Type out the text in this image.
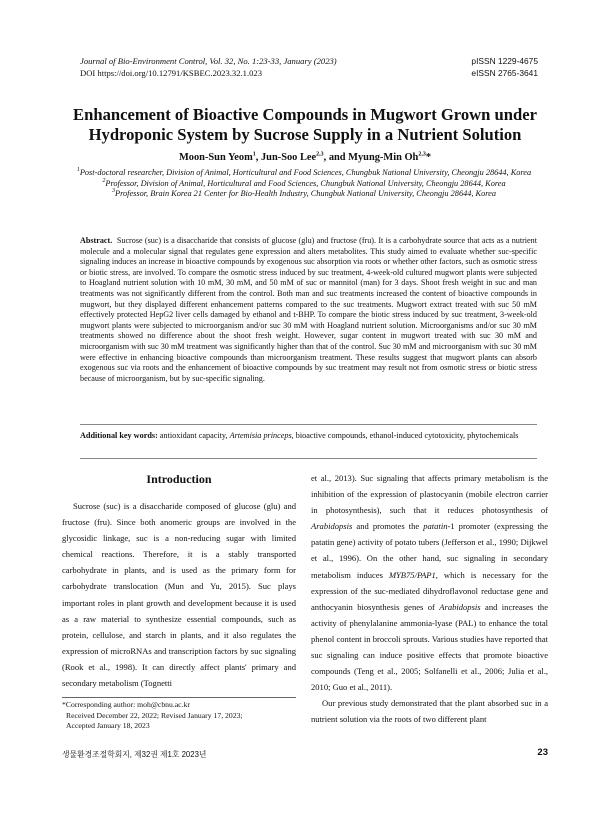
Journal of Bio-Environment Control, Vol. 32, No. 1:23-33, January (2023)
DOI https://doi.org/10.12791/KSBEC.2023.32.1.023
pISSN 1229-4675
eISSN 2765-3641
Enhancement of Bioactive Compounds in Mugwort Grown under Hydroponic System by Sucrose Supply in a Nutrient Solution
Moon-Sun Yeom$^1$, Jun-Soo Lee$^{2,3}$, and Myung-Min Oh$^{2,3}$*

$^1$Post-doctoral researcher, Division of Animal, Horticultural and Food Sciences, Chungbuk National University, Cheongju 28644, Korea

$^2$Professor, Division of Animal, Horticultural and Food Sciences, Chungbuk National University, Cheongju 28644, Korea

$^3$Professor, Brain Korea 21 Center for Bio-Health Industry, Chungbuk National University, Cheongju 28644, Korea

Abstract. Sucrose (suc) is a disaccharide that consists of glucose (glu) and fructose (fru). It is a carbohydrate source that acts as a nutrient molecule and a molecular signal that regulates gene expression and alters metabolites. This study aimed to evaluate whether suc-specific signaling induces an increase in bioactive compounds by exogenous suc absorption via roots or whether other factors, such as osmotic stress or biotic stress, are involved. To compare the osmotic stress induced by suc treatment, 4-week-old cultured mugwort plants were subjected to Hoagland nutrient solution with 10 mM, 30 mM, and 50 mM of suc or mannitol (man) for 3 days. Shoot fresh weight in suc and man treatments was not significantly different from the control. Both man and suc treatments increased the content of bioactive compounds in mugwort, but they displayed different enhancement patterns compared to the suc treatments. Mugwort extract treated with suc 50 mM effectively protected HepG2 liver cells damaged by ethanol and t-BHP. To compare the biotic stress induced by suc treatment, 3-week-old mugwort plants were subjected to microorganism and/or suc 30 mM with Hoagland nutrient solution. Microorganisms and/or suc 30 mM treatments showed no difference about the shoot fresh weight. However, sugar content in mugwort treated with suc 30 mM and microorganism with suc 30 mM treatment was significantly higher than that of the control. Suc 30 mM and microorganism with suc 30 mM were effective in enhancing bioactive compounds than microorganism treatment. These results suggest that mugwort plants can absorb exogenous suc via roots and the enhancement of bioactive compounds by suc treatment may result not from osmotic stress or biotic stress because of microorganism, but by suc-specific signaling.
Additional key words: antioxidant capacity, Artemisia princeps, bioactive compounds, ethanol-induced cytotoxicity, phytochemicals
Introduction

Sucrose (suc) is a disaccharide composed of glucose (glu) and fructose (fru). Since both anomeric groups are involved in the glycosidic linkage, suc is a non-reducing sugar with limited chemical reactions. Therefore, it is a stably transported carbohydrate in plants, and is used as the primary form for carbohydrate translocation (Mun and Yu, 2015). Suc plays important roles in plant growth and development because it is used as a raw material to synthesize essential compounds, such as protein, cellulose, and starch in plants, and it also regulates the expression of microRNAs and transcription factors by suc signaling (Rook et al., 1998). It can directly affect plants' primary and secondary metabolism (Tognetti

et al., 2013). Suc signaling that affects primary metabolism is the inhibition of the expression of plastocyanin (mobile electron carrier in photosynthesis), such that it reduces photosynthesis of Arabidopsis and promotes the patatin-1 promoter (expressing the patatin gene) activity of potato tubers (Jefferson et al., 1990; Dijkwel et al., 1996). On the other hand, suc signaling in secondary metabolism induces MYB75/PAP1, which is necessary for the expression of the suc-mediated dihydroflavonol reductase gene and anthocyanin biosynthesis genes of Arabidopsis and increases the activity of phenylalanine ammonia-lyase (PAL) to enhance the total phenol content in broccoli sprouts. Various studies have reported that suc signaling can induce positive effects that promote bioactive compounds (Teng et al., 2005; Solfanelli et al., 2006; Julia et al., 2010; Guo et al., 2011).

Our previous study demonstrated that the plant absorbed suc in a nutrient solution via the roots of two different plant

*Corresponding author: moh@cbnu.ac.kr
Received December 22, 2022; Revised January 17, 2023;
Accepted January 18, 2023
생물환경조절학회지, 제32권 제1호 2023년	23
